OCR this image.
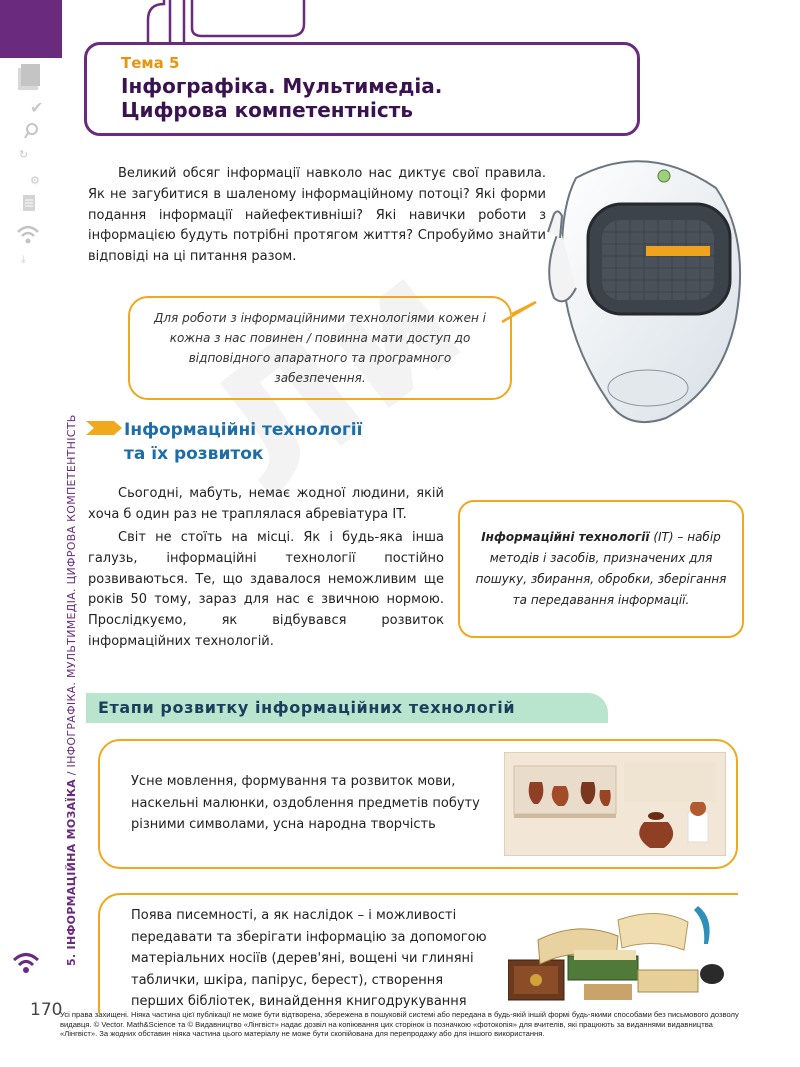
✔
↻
⚙
⤓
5. ІНФОРМАЦІЙНА МОЗАЇКА / ІНФОГРАФІКА. МУЛЬТИМЕДІА. ЦИФРОВА КОМПЕТЕНТНІСТЬ
Тема 5
Інфографіка. Мультимедіа.
Цифрова компетентність
Великий обсяг інформації навколо нас диктує свої правила. Як не загубитися в шаленому інформаційному потоці? Які форми подання інформації найефективніші? Які навички роботи з інформацією будуть потрібні протягом життя? Спробуймо знайти відповіді на ці питання разом.
Для роботи з інформаційними технологіями кожен і кожна з нас повинен / повинна мати доступ до відповідного апаратного та програмного забезпечення.
Інформаційні технології
та їх розвиток
Сьогодні, мабуть, немає жодної людини, якій хоча б один раз не траплялася абревіатура IT.
Світ не стоїть на місці. Як і будь-яка інша галузь, інформаційні технології постійно розвиваються. Те, що здавалося неможливим ще років 50 тому, зараз для нас є звичною нормою. Прослідкуємо, як відбувався розвиток інформаційних технологій.
Інформаційні технології (IT) – набір методів і засобів, призначених для пошуку, збирання, обробки, зберігання та передавання інформації.
Етапи розвитку інформаційних технологій
Усне мовлення, формування та розвиток мови, наскельні малюнки, оздоблення предметів побуту різними символами, усна народна творчість
Поява писемності, а як наслідок – і можливості передавати та зберігати інформацію за допомогою матеріальних носіїв (дерев'яні, вощені чи глиняні таблички, шкіра, папірус, берест), створення перших бібліотек, винайдення книгодрукування
170
Усі права захищені. Ніяка частина цієї публікації не може бути відтворена, збережена в пошуковій системі або передана в будь-якій іншій формі будь-якими способами без письмового дозволу видавця. © Vector. Math&Science та © Видавництво «Лінгвіст» надає дозвіл на копіювання цих сторінок із позначкою «фотокопія» для вчителів, які працюють за виданнями видавництва «Лінгвіст». За жодних обставин ніяка частина цього матеріалу не може бути скопійована для перепродажу або для іншого використання.
